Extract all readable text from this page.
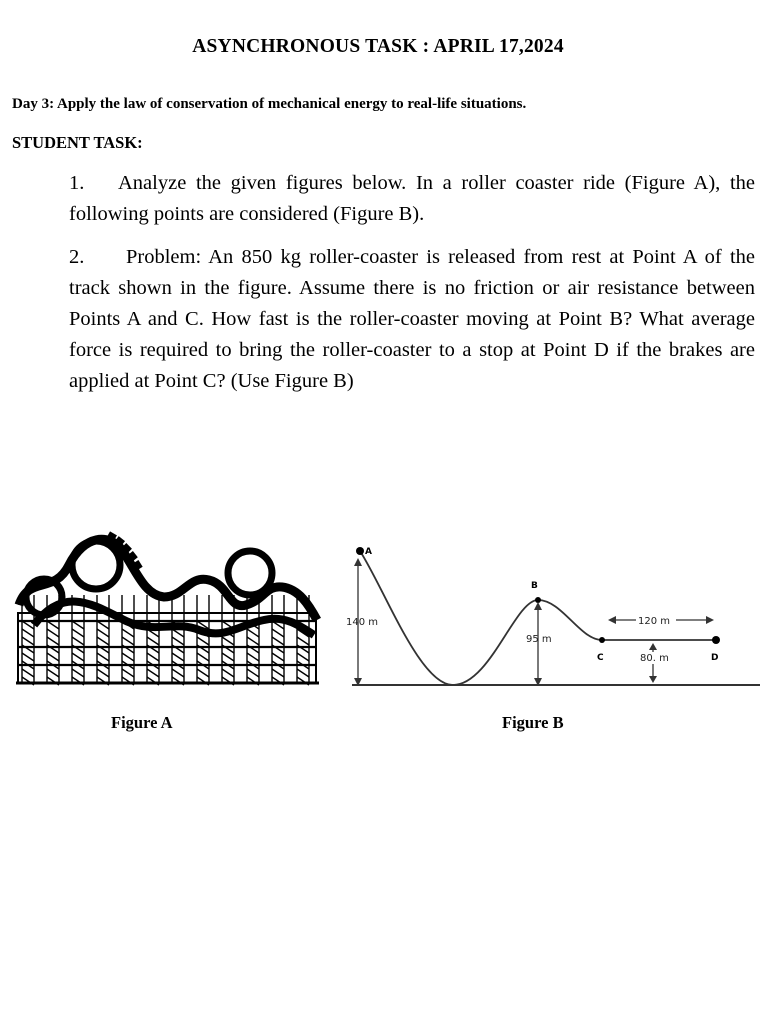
ASYNCHRONOUS TASK : APRIL 17,2024
Day 3: Apply the law of conservation of mechanical energy to real-life situations.
STUDENT TASK:
1. Analyze the given figures below. In a roller coaster ride (Figure A), the following points are considered (Figure B).
2. Problem: An 850 kg roller-coaster is released from rest at Point A of the track shown in the figure. Assume there is no friction or air resistance between Points A and C. How fast is the roller-coaster moving at Point B? What average force is required to bring the roller-coaster to a stop at Point D if the brakes are applied at Point C? (Use Figure B)
A
B
C	D
140 m
95 m
120 m
80. m
Figure A	Figure B
